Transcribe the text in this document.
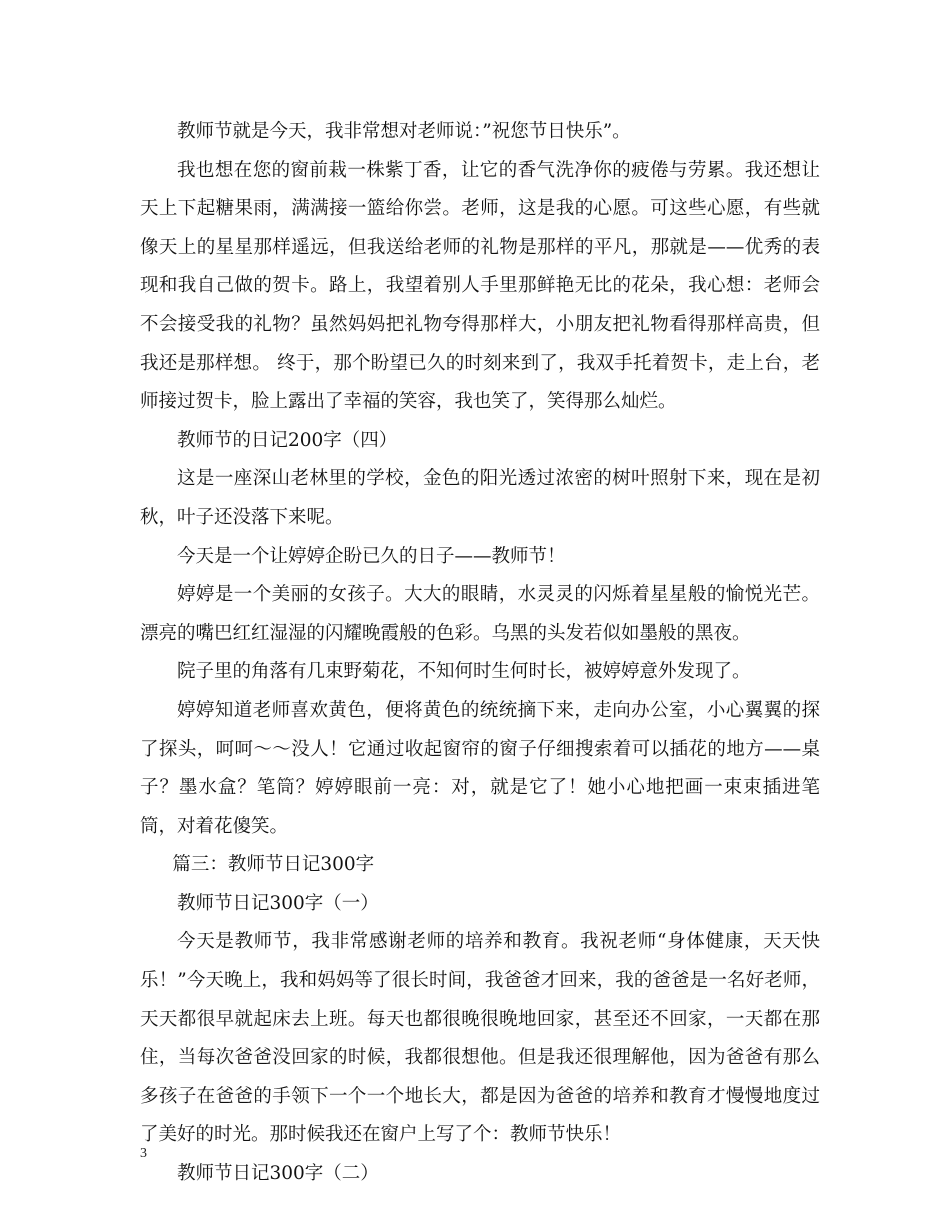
教师节就是今天，我非常想对老师说：”祝您节日快乐”。

我也想在您的窗前栽一株紫丁香，让它的香气洗净你的疲倦与劳累。我还想让天上下起糖果雨，满满接一篮给你尝。老师，这是我的心愿。可这些心愿，有些就像天上的星星那样遥远，但我送给老师的礼物是那样的平凡，那就是——优秀的表现和我自己做的贺卡。路上，我望着别人手里那鲜艳无比的花朵，我心想：老师会不会接受我的礼物？虽然妈妈把礼物夸得那样大，小朋友把礼物看得那样高贵，但我还是那样想。 终于，那个盼望已久的时刻来到了，我双手托着贺卡，走上台，老师接过贺卡，脸上露出了幸福的笑容，我也笑了，笑得那么灿烂。

教师节的日记200字（四）

这是一座深山老林里的学校，金色的阳光透过浓密的树叶照射下来，现在是初秋，叶子还没落下来呢。

今天是一个让婷婷企盼已久的日子——教师节！

婷婷是一个美丽的女孩子。大大的眼睛，水灵灵的闪烁着星星般的愉悦光芒。漂亮的嘴巴红红湿湿的闪耀晚霞般的色彩。乌黑的头发若似如墨般的黑夜。

院子里的角落有几束野菊花，不知何时生何时长，被婷婷意外发现了。

婷婷知道老师喜欢黄色，便将黄色的统统摘下来，走向办公室，小心翼翼的探了探头，呵呵～～没人！它通过收起窗帘的窗子仔细搜索着可以插花的地方——桌子？墨水盒？笔筒？婷婷眼前一亮：对，就是它了！她小心地把画一束束插进笔筒，对着花傻笑。

篇三：教师节日记300字

教师节日记300字（一）

今天是教师节，我非常感谢老师的培养和教育。我祝老师“身体健康，天天快乐！”今天晚上，我和妈妈等了很长时间，我爸爸才回来，我的爸爸是一名好老师，天天都很早就起床去上班。每天也都很晚很晚地回家，甚至还不回家，一天都在那住，当每次爸爸没回家的时候，我都很想他。但是我还很理解他，因为爸爸有那么多孩子在爸爸的手领下一个一个地长大，都是因为爸爸的培养和教育才慢慢地度过了美好的时光。那时候我还在窗户上写了个：教师节快乐！

教师节日记300字（二）

3
